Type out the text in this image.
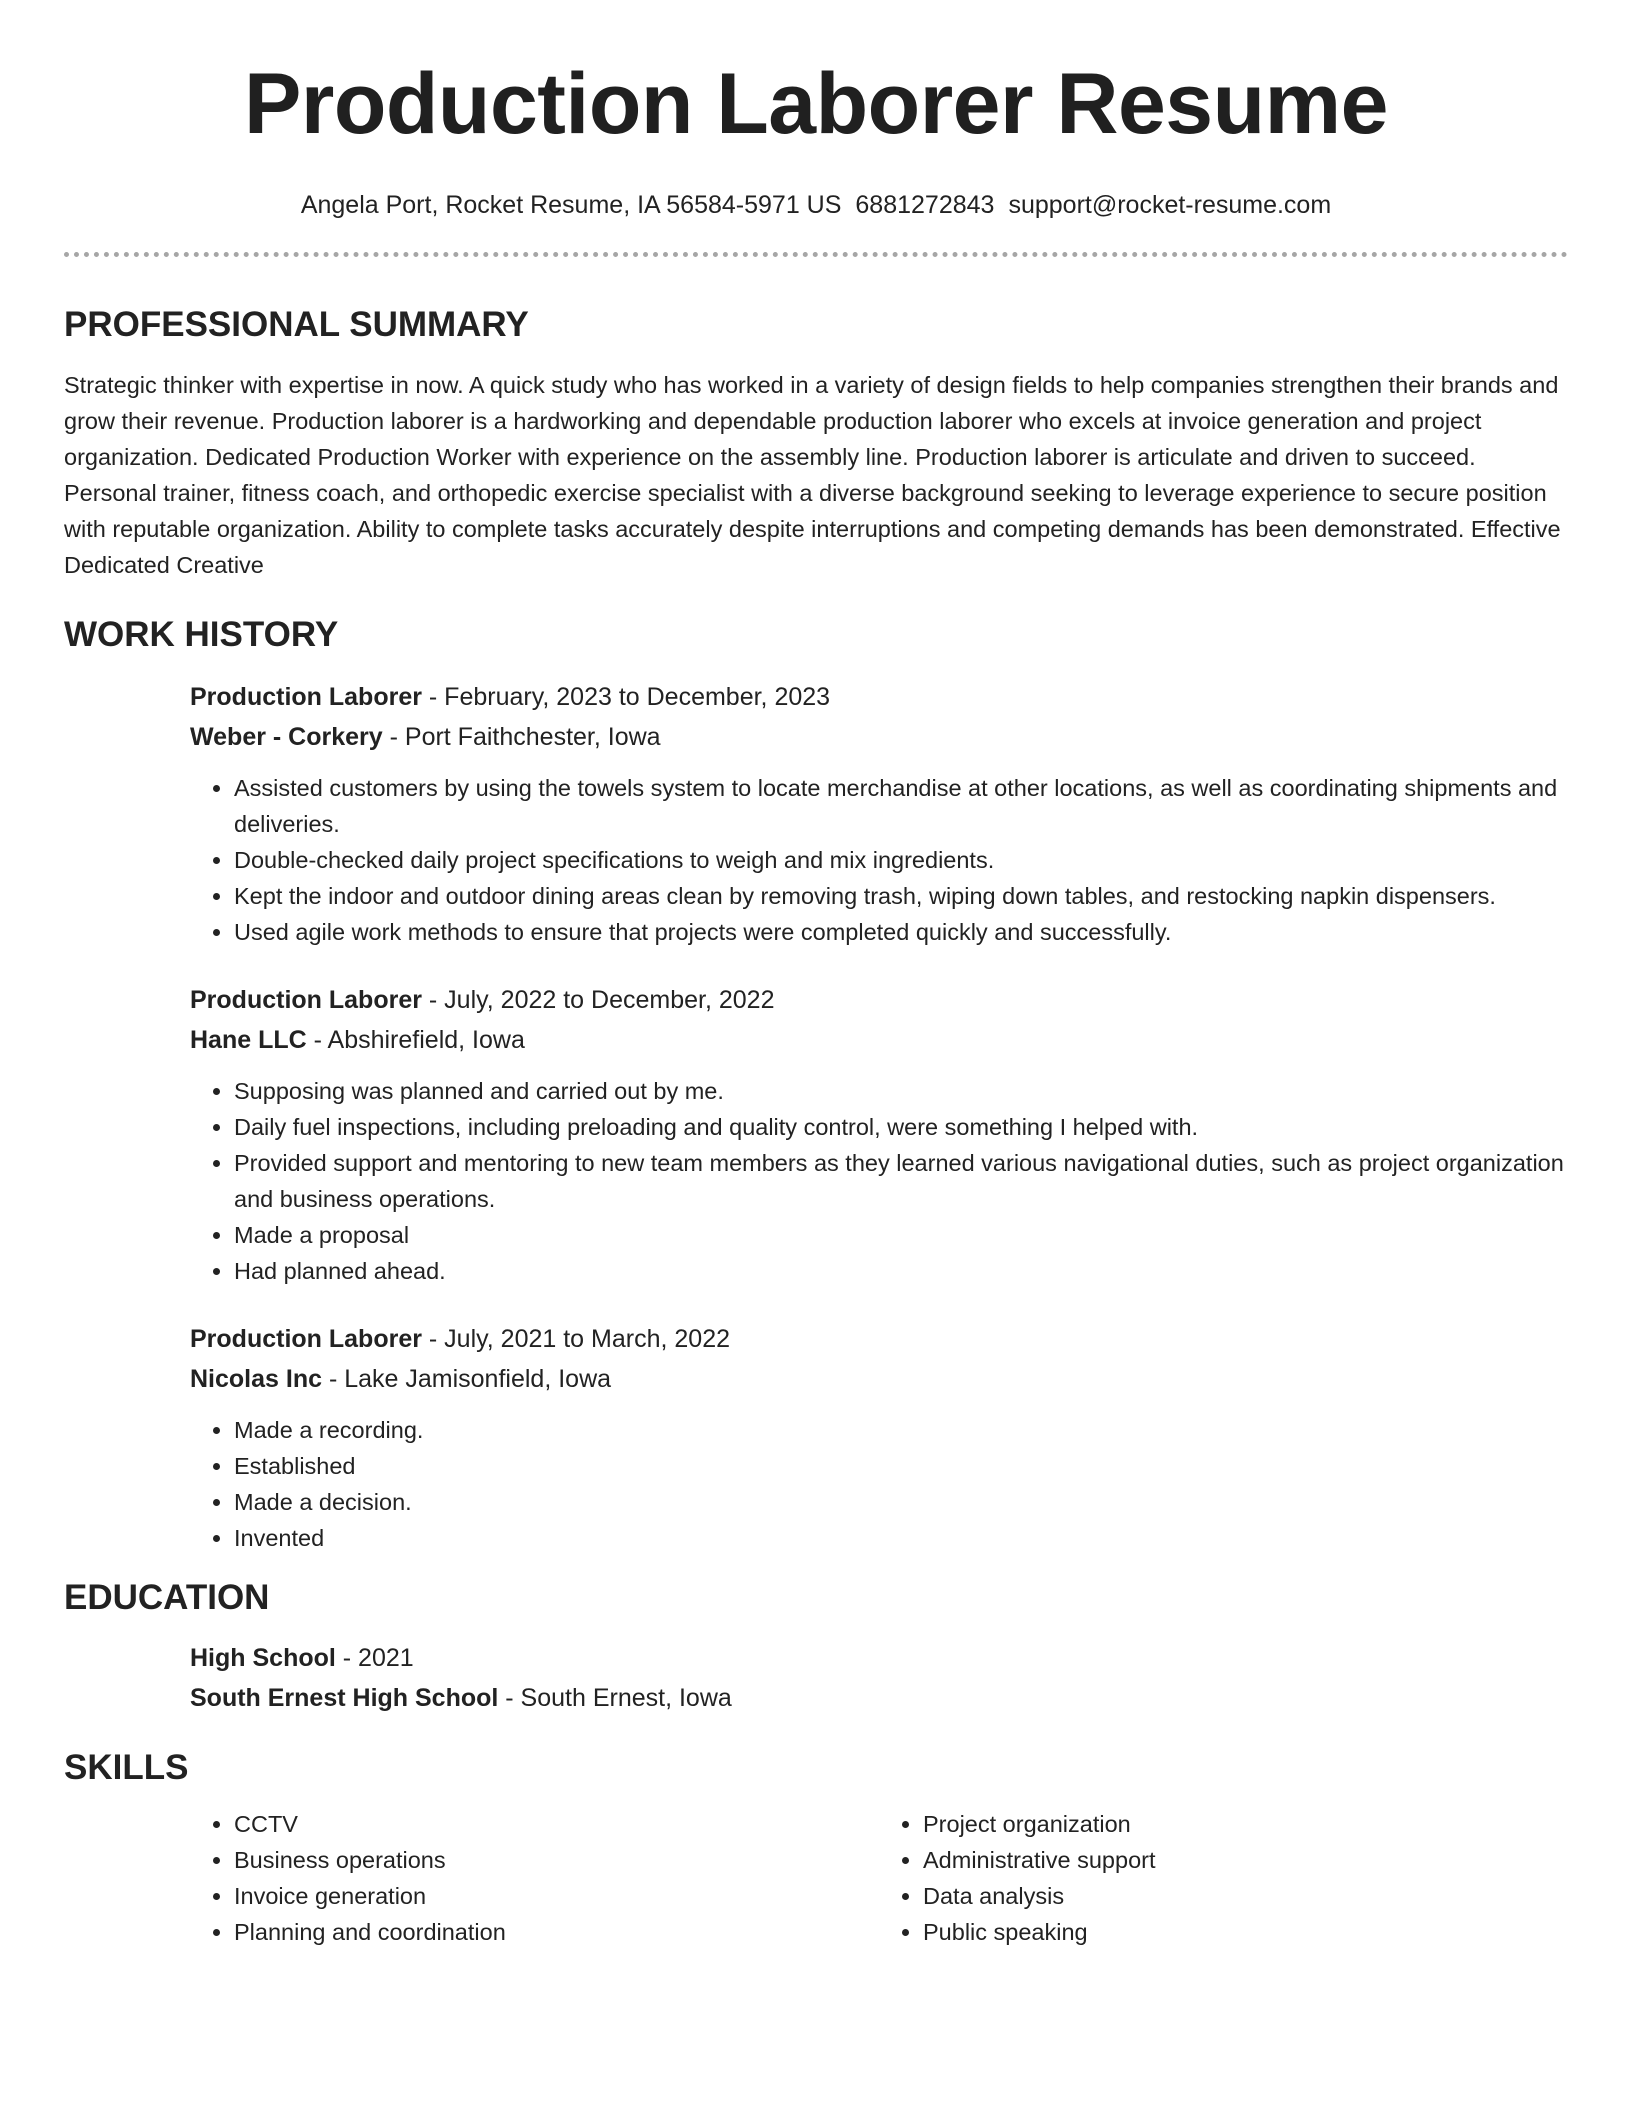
Production Laborer Resume
Angela Port, Rocket Resume, IA 56584-5971 US 6881272843 support@rocket-resume.com
PROFESSIONAL SUMMARY

Strategic thinker with expertise in now. A quick study who has worked in a variety of design fields to help companies strengthen their brands and grow their revenue. Production laborer is a hardworking and dependable production laborer who excels at invoice generation and project organization. Dedicated Production Worker with experience on the assembly line. Production laborer is articulate and driven to succeed. Personal trainer, fitness coach, and orthopedic exercise specialist with a diverse background seeking to leverage experience to secure position with reputable organization. Ability to complete tasks accurately despite interruptions and competing demands has been demonstrated. Effective Dedicated Creative

WORK HISTORY

Production Laborer - February, 2023 to December, 2023

Weber - Corkery - Port Faithchester, Iowa

• Assisted customers by using the towels system to locate merchandise at other locations, as well as coordinating shipments and deliveries.
• Double-checked daily project specifications to weigh and mix ingredients.
• Kept the indoor and outdoor dining areas clean by removing trash, wiping down tables, and restocking napkin dispensers.
• Used agile work methods to ensure that projects were completed quickly and successfully.

Production Laborer - July, 2022 to December, 2022

Hane LLC - Abshirefield, Iowa

• Supposing was planned and carried out by me.
• Daily fuel inspections, including preloading and quality control, were something I helped with.
• Provided support and mentoring to new team members as they learned various navigational duties, such as project organization and business operations.
• Made a proposal
• Had planned ahead.

Production Laborer - July, 2021 to March, 2022

Nicolas Inc - Lake Jamisonfield, Iowa

• Made a recording.
• Established
• Made a decision.
• Invented
EDUCATION

High School - 2021

South Ernest High School - South Ernest, Iowa

SKILLS
• CCTV
• Business operations
• Invoice generation
• Planning and coordination
• Project organization
• Administrative support
• Data analysis
• Public speaking
